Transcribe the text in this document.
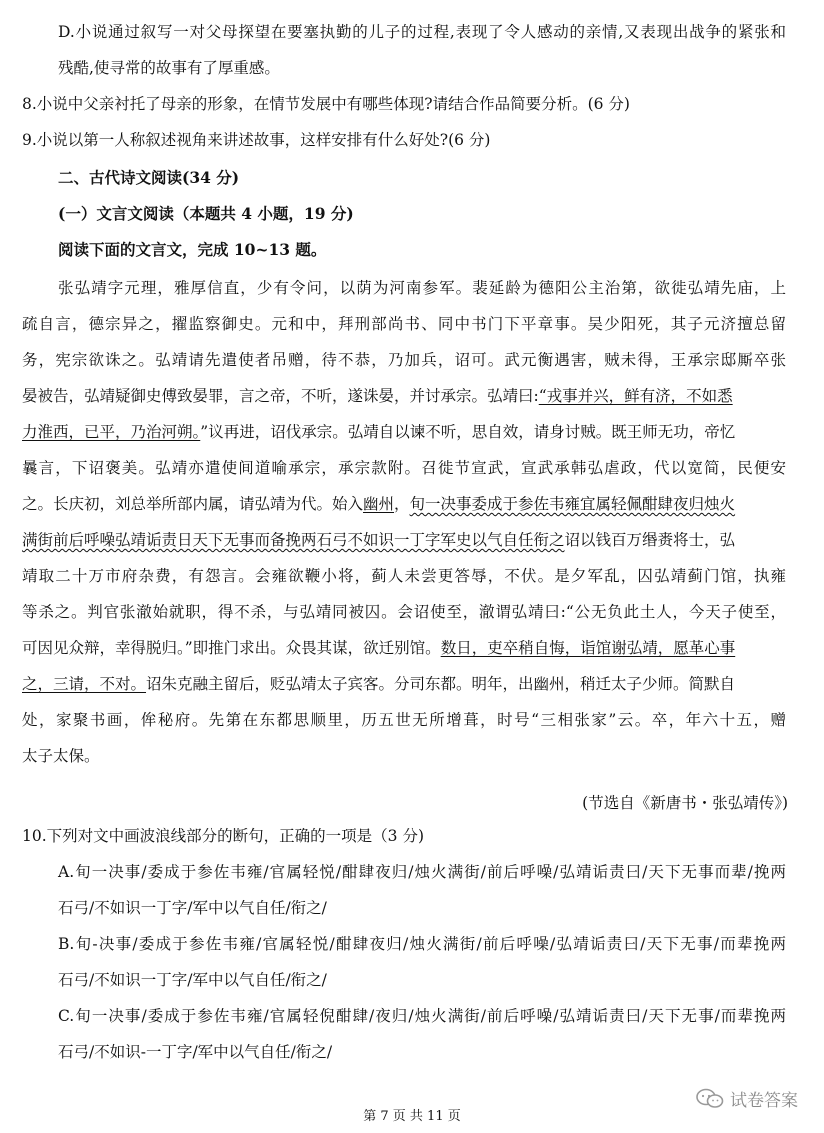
D.小说通过叙写一对父母探望在要塞执勤的儿子的过程,表现了令人感动的亲情,又表现出战争的紧张和
残酷,使寻常的故事有了厚重感。
8.小说中父亲衬托了母亲的形象，在情节发展中有哪些体现?请结合作品简要分析。(6 分)
9.小说以第一人称叙述视角来讲述故事，这样安排有什么好处?(6 分)
二、古代诗文阅读(34 分)
(一）文言文阅读（本题共 4 小题，19 分)
阅读下面的文言文，完成 10~13 题。
张弘靖字元理，雅厚信直，少有令问，以荫为河南参军。裴延龄为德阳公主治第，欲徙弘靖先庙，上
疏自言，德宗异之，擢监察御史。元和中，拜刑部尚书、同中书门下平章事。吴少阳死，其子元济擅总留
务，宪宗欲诛之。弘靖请先遣使者吊赠，待不恭，乃加兵，诏可。武元衡遇害，贼未得，王承宗邸厮卒张
晏被告，弘靖疑御史傅致晏罪，言之帝，不听，遂诛晏，并讨承宗。弘靖曰:“戎事并兴，鲜有济，不如悉
力淮西，已平，乃治河朔。”议再进，诏伐承宗。弘靖自以谏不听，思自效，请身讨贼。既王师无功，帝忆
曩言，下诏褒美。弘靖亦遣使间道喻承宗，承宗款附。召徙节宣武，宣武承韩弘虐政，代以宽简，民便安
之。长庆初，刘总举所部内属，请弘靖为代。始入幽州，旬一决事委成于参佐韦雍宜属轻佩酣肆夜归烛火
满街前后呼噪弘靖诟责日天下无事而备挽两石弓不如识一丁字军史以气自任衔之诏以钱百万缗赉将士，弘
靖取二十万市府杂费，有怨言。会雍欲鞭小将，蓟人未尝更答辱，不伏。是夕军乱，囚弘靖蓟门馆，执雍
等杀之。判官张澈始就职，得不杀，与弘靖同被囚。会诏使至，澈谓弘靖曰:“公无负此土人，今天子使至，
可因见众辩，幸得脱归。”即推门求出。众畏其谋，欲迁别馆。数日，吏卒稍自悔，诣馆谢弘靖，愿革心事
之，三请，不对。诏朱克融主留后，贬弘靖太子宾客。分司东都。明年，出幽州，稍迁太子少师。简默自
处，家聚书画，侔秘府。先第在东都思顺里，历五世无所增葺，时号“三相张家”云。卒，年六十五，赠
太子太保。
(节选自《新唐书・张弘靖传》)
10.下列对文中画波浪线部分的断句，正确的一项是（3 分)
A.旬一决事/委成于参佐韦雍/官属轻悦/酣肆夜归/烛火满街/前后呼噪/弘靖诟责曰/天下无事而辈/挽两
石弓/不如识一丁字/军中以气自任/衔之/
B.旬-决事/委成于参佐韦雍/官属轻悦/酣肆夜归/烛火满街/前后呼噪/弘靖诟责曰/天下无事/而辈挽两
石弓/不如识一丁字/军中以气自任/衔之/
C.旬一决事/委成于参佐韦雍/官属轻倪酣肆/夜归/烛火满街/前后呼噪/弘靖诟责曰/天下无事/而辈挽两
石弓/不如识-一丁字/军中以气自任/衔之/
试卷答案
第 7 页 共 11 页
